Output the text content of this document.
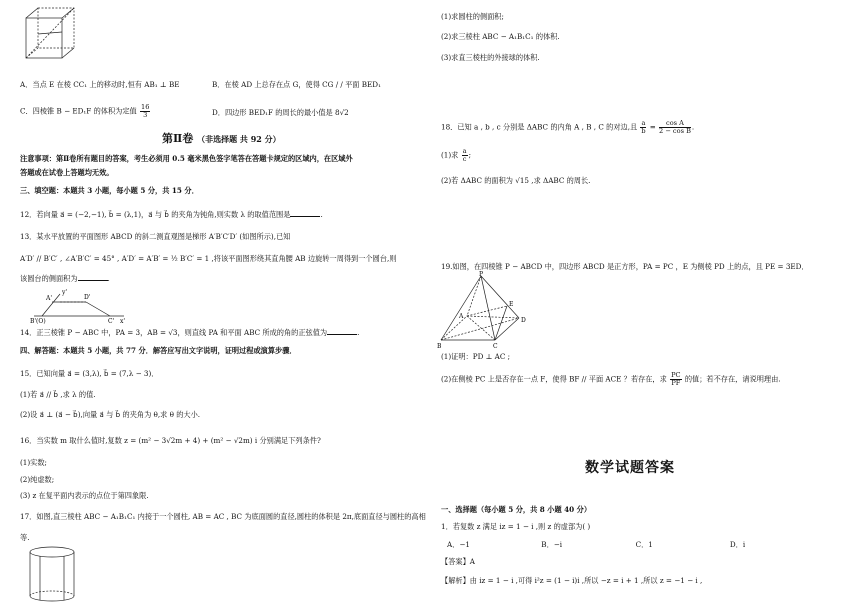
A．当点 E 在棱 CC₁ 上的移动时,恒有 AB₁ ⊥ BE	B．在棱 AD 上总存在点 G，使得 CG / / 平面 BED₁
C．四棱锥 B − ED₁F 的体积为定值 $\frac{16}{3}$	D．四边形 BED₁F 的周长的最小值是 8√2
第Ⅱ卷 （非选择题 共 92 分）
注意事项：第Ⅱ卷所有题目的答案，考生必须用 0.5 毫米黑色签字笔答在答题卡规定的区域内，在区域外
答题或在试卷上答题均无效。
三、填空题：本题共 3 小题，每小题 5 分，共 15 分．
12．若向量 a⃗ = (−2,−1), b⃗ = (λ,1)，a⃗ 与 b⃗ 的夹角为钝角,则实数 λ 的取值范围是	.
13．某水平放置的平面图形 ABCD 的斜二测直观图是梯形 A′B′C′D′ (如图所示),已知
A′D′ // B′C′ , ∠A′B′C′ = 45° , A′D′ = A′B′ = ½ B′C′ = 1 ,将该平面图形绕其直角腰 AB 边旋转一周得到一个圆台,则
该圆台的侧面积为	.
A'	D'
B'(O)	C' x'
y'
14．正三棱锥 P − ABC 中，PA = 3，AB = √3，则直线 PA 和平面 ABC 所成的角的正弦值为	.
四、解答题：本题共 5 小题，共 77 分．解答应写出文字说明，证明过程或演算步骤．
15．已知向量 a⃗ = (3,λ), b⃗ = (7,λ − 3)．
(1)若 a⃗ // b⃗ ,求 λ 的值.
(2)设 a⃗ ⊥ (a⃗ − b⃗),向量 a⃗ 与 b⃗ 的夹角为 θ,求 θ 的大小.
16．当实数 m 取什么值时,复数 z = (m² − 3√2m + 4) + (m² − √2m) i 分别满足下列条件?
(1)实数;
(2)纯虚数;
(3) z 在复平面内表示的点位于第四象限.
17．如图,直三棱柱 ABC − A₁B₁C₁ 内接于一个圆柱, AB = AC , BC 为底面圆的直径,圆柱的体积是 2π,底面直径与圆柱的高相
等.
(1)求圆柱的侧面积;
(2)求三棱柱 ABC − A₁B₁C₁ 的体积.
(3)求直三棱柱的外接球的体积.
18．已知 a , b , c 分别是 ΔABC 的内角 A , B , C 的对边,且 $\frac{a}{b} = \frac{\text{cos A}}{\text{2 − cos B}}$ .
(1)求 $\frac{a}{c}$ ;
(2)若 ΔABC 的面积为 √15 ,求 ΔABC 的周长.
19.如图，在四棱锥 P − ABCD 中，四边形 ABCD 是正方形，PA = PC ，E 为侧棱 PD 上的点，且 PE = 3ED．
P
A
B	C
D
E
(1)证明：PD ⊥ AC ;
(2)在侧棱 PC 上是否存在一点 F，使得 BF // 平面 ACE ？若存在，求 $\frac{PC}{PF}$ 的值；若不存在，请说明理由.
数学试题答案
一、选择题（每小题 5 分，共 8 小题 40 分）
1．若复数 z 满足 iz = 1 − i ,则 z 的虚部为( )
A．−1	B．−i	C．1	D．i
【答案】A
【解析】由 iz = 1 − i ,可得 i²z = (1 − i)i ,所以 −z = i + 1 ,所以 z = −1 − i ,
